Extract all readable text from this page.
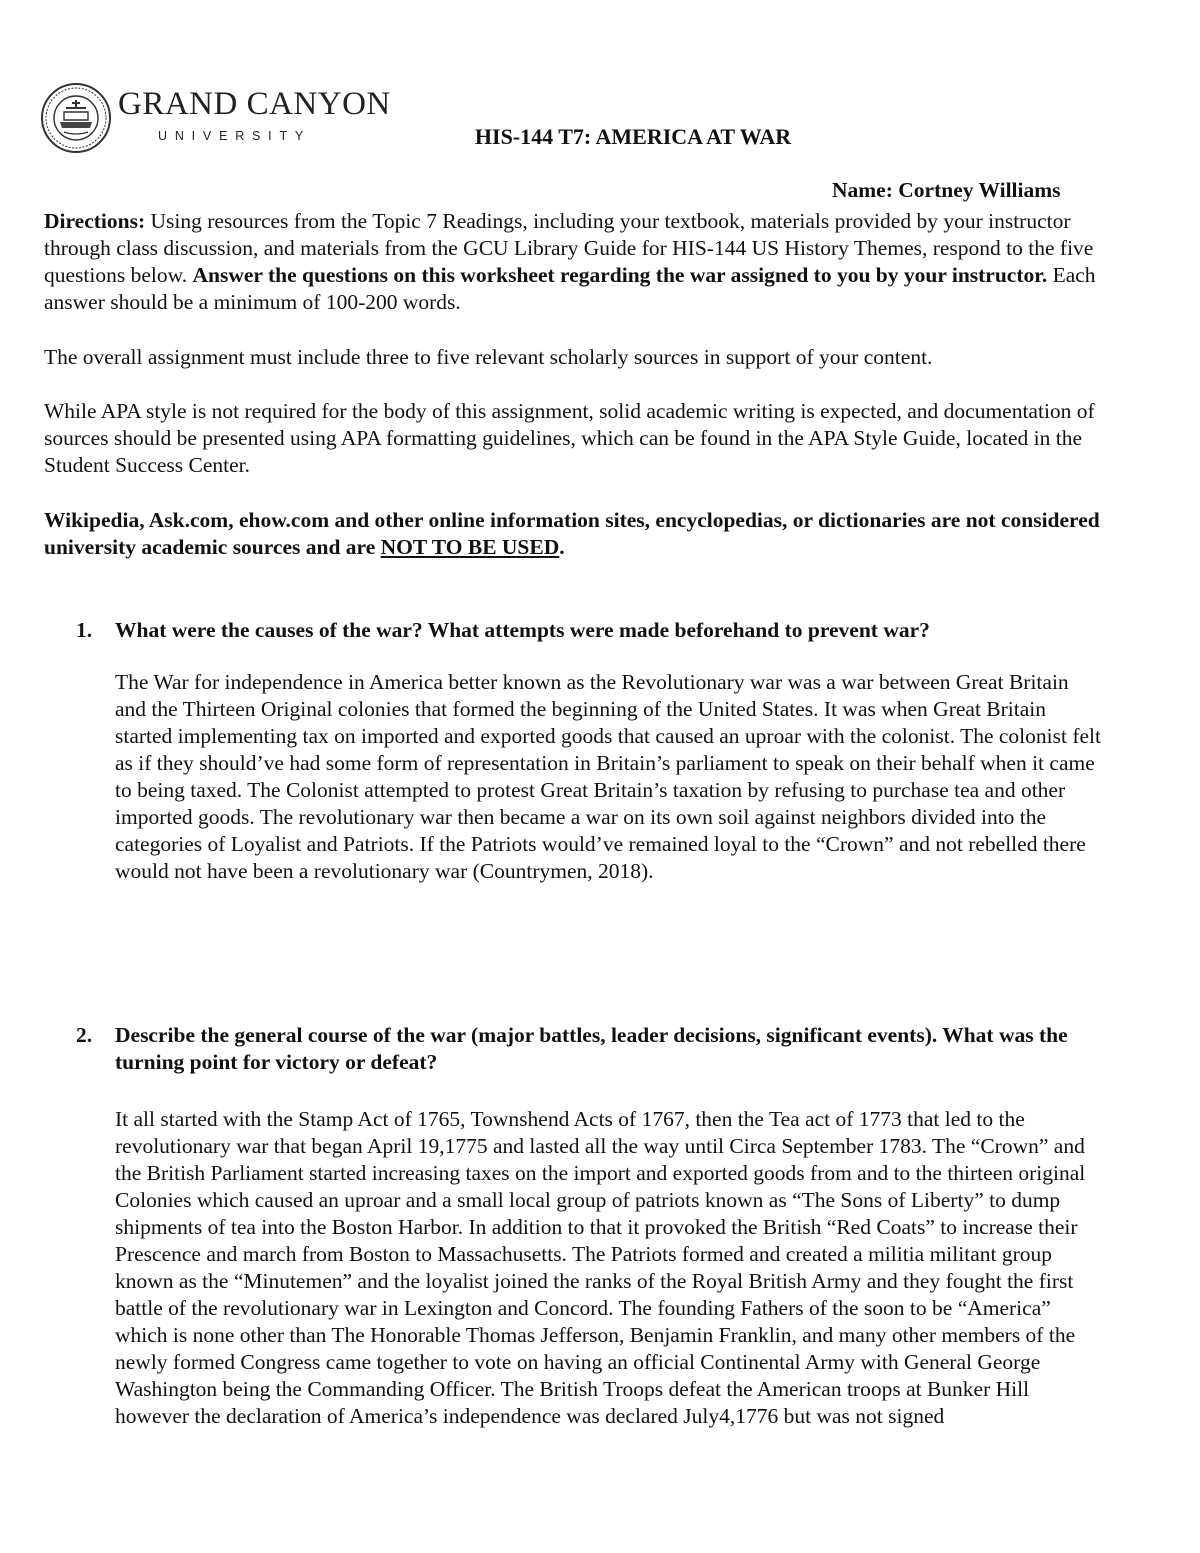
GRAND CANYON
UNIVERSITY	HIS-144 T7: AMERICA AT WAR
Name: Cortney Williams
Directions: Using resources from the Topic 7 Readings, including your textbook, materials provided by your instructor through class discussion, and materials from the GCU Library Guide for HIS-144 US History Themes, respond to the five questions below. Answer the questions on this worksheet regarding the war assigned to you by your instructor. Each answer should be a minimum of 100-200 words.
The overall assignment must include three to five relevant scholarly sources in support of your content.
While APA style is not required for the body of this assignment, solid academic writing is expected, and documentation of sources should be presented using APA formatting guidelines, which can be found in the APA Style Guide, located in the Student Success Center.
Wikipedia, Ask.com, ehow.com and other online information sites, encyclopedias, or dictionaries are not considered university academic sources and are NOT TO BE USED.
1. What were the causes of the war? What attempts were made beforehand to prevent war?
The War for independence in America better known as the Revolutionary war was a war between Great Britain and the Thirteen Original colonies that formed the beginning of the United States. It was when Great Britain started implementing tax on imported and exported goods that caused an uproar with the colonist. The colonist felt as if they should’ve had some form of representation in Britain’s parliament to speak on their behalf when it came to being taxed. The Colonist attempted to protest Great Britain’s taxation by refusing to purchase tea and other imported goods. The revolutionary war then became a war on its own soil against neighbors divided into the categories of Loyalist and Patriots. If the Patriots would’ve remained loyal to the “Crown” and not rebelled there would not have been a revolutionary war (Countrymen, 2018).
2. Describe the general course of the war (major battles, leader decisions, significant events). What was the turning point for victory or defeat?
It all started with the Stamp Act of 1765, Townshend Acts of 1767, then the Tea act of 1773 that led to the revolutionary war that began April 19,1775 and lasted all the way until Circa September 1783. The “Crown” and the British Parliament started increasing taxes on the import and exported goods from and to the thirteen original Colonies which caused an uproar and a small local group of patriots known as “The Sons of Liberty” to dump shipments of tea into the Boston Harbor. In addition to that it provoked the British “Red Coats” to increase their Prescence and march from Boston to Massachusetts. The Patriots formed and created a militia militant group known as the “Minutemen” and the loyalist joined the ranks of the Royal British Army and they fought the first battle of the revolutionary war in Lexington and Concord. The founding Fathers of the soon to be “America” which is none other than The Honorable Thomas Jefferson, Benjamin Franklin, and many other members of the newly formed Congress came together to vote on having an official Continental Army with General George Washington being the Commanding Officer. The British Troops defeat the American troops at Bunker Hill however the declaration of America’s independence was declared July4,1776 but was not signed
